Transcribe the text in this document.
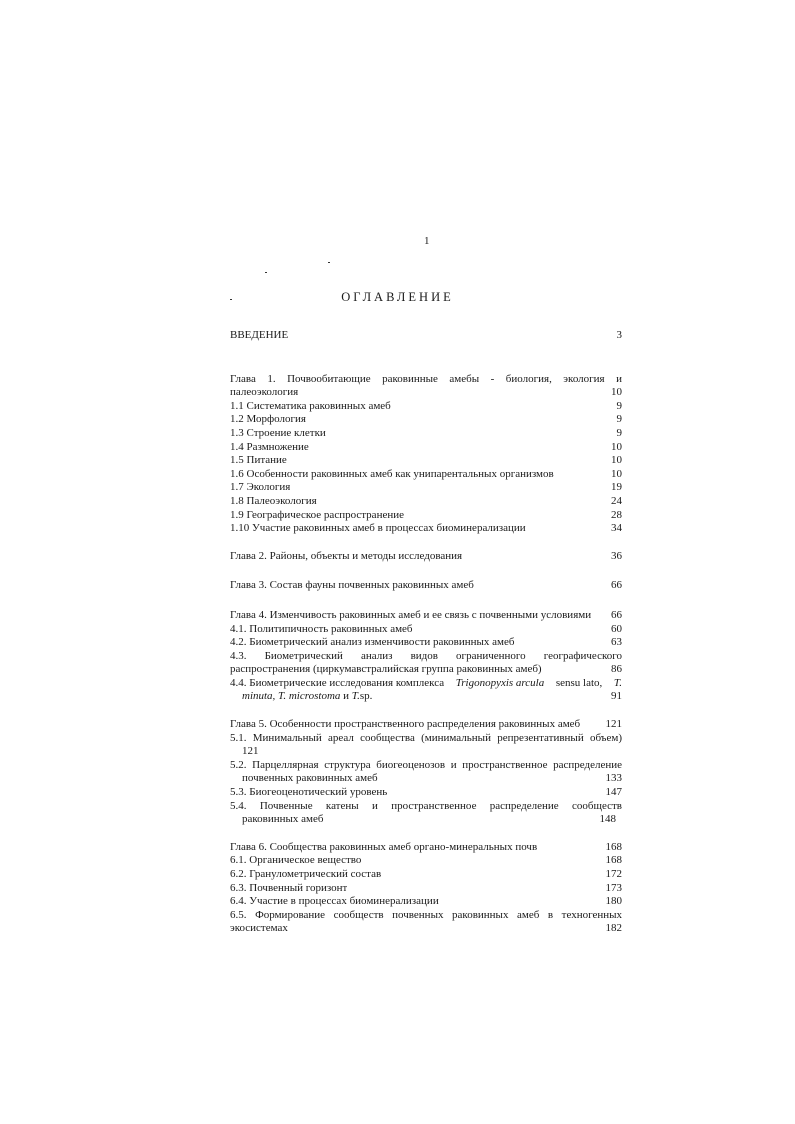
1
ОГЛАВЛЕНИЕ
ВВЕДЕНИЕ	3
Глава 1. Почвообитающие раковинные амебы - биология, экология и
палеоэкология	10
1.1 Систематика раковинных амеб	9
1.2 Морфология	9
1.3 Строение клетки	9
1.4 Размножение	10
1.5 Питание	10
1.6 Особенности раковинных амеб как унипарентальных организмов	10
1.7 Экология	19
1.8 Палеоэкология	24
1.9 Географическое распространение	28
1.10 Участие раковинных амеб в процессах биоминерализации	34
Глава 2. Районы, объекты и методы исследования	36
Глава 3. Состав фауны почвенных раковинных амеб	66
Глава 4. Изменчивость раковинных амеб и ее связь с почвенными условиями	66
4.1. Политипичность раковинных амеб	60
4.2. Биометрический анализ изменчивости раковинных амеб	63
4.3. Биометрический анализ видов ограниченного географического
распространения (циркумавстралийская группа раковинных амеб)	86
4.4. Биометрические исследования комплекса Trigonopyxis arcula sensu lato, T.
minuta, T. microstoma и T.sp.	91
Глава 5. Особенности пространственного распределения раковинных амеб	121
5.1. Минимальный ареал сообщества (минимальный репрезентативный объем)
121
5.2. Парцеллярная структура биогеоценозов и пространственное распределение
почвенных раковинных амеб	133
5.3. Биогеоценотический уровень	147
5.4. Почвенные катены и пространственное распределение сообществ
раковинных амеб	148
Глава 6. Сообщества раковинных амеб органо-минеральных почв	168
6.1. Органическое вещество	168
6.2. Гранулометрический состав	172
6.3. Почвенный горизонт	173
6.4. Участие в процессах биоминерализации	180
6.5. Формирование сообществ почвенных раковинных амеб в техногенных
экосистемах	182
